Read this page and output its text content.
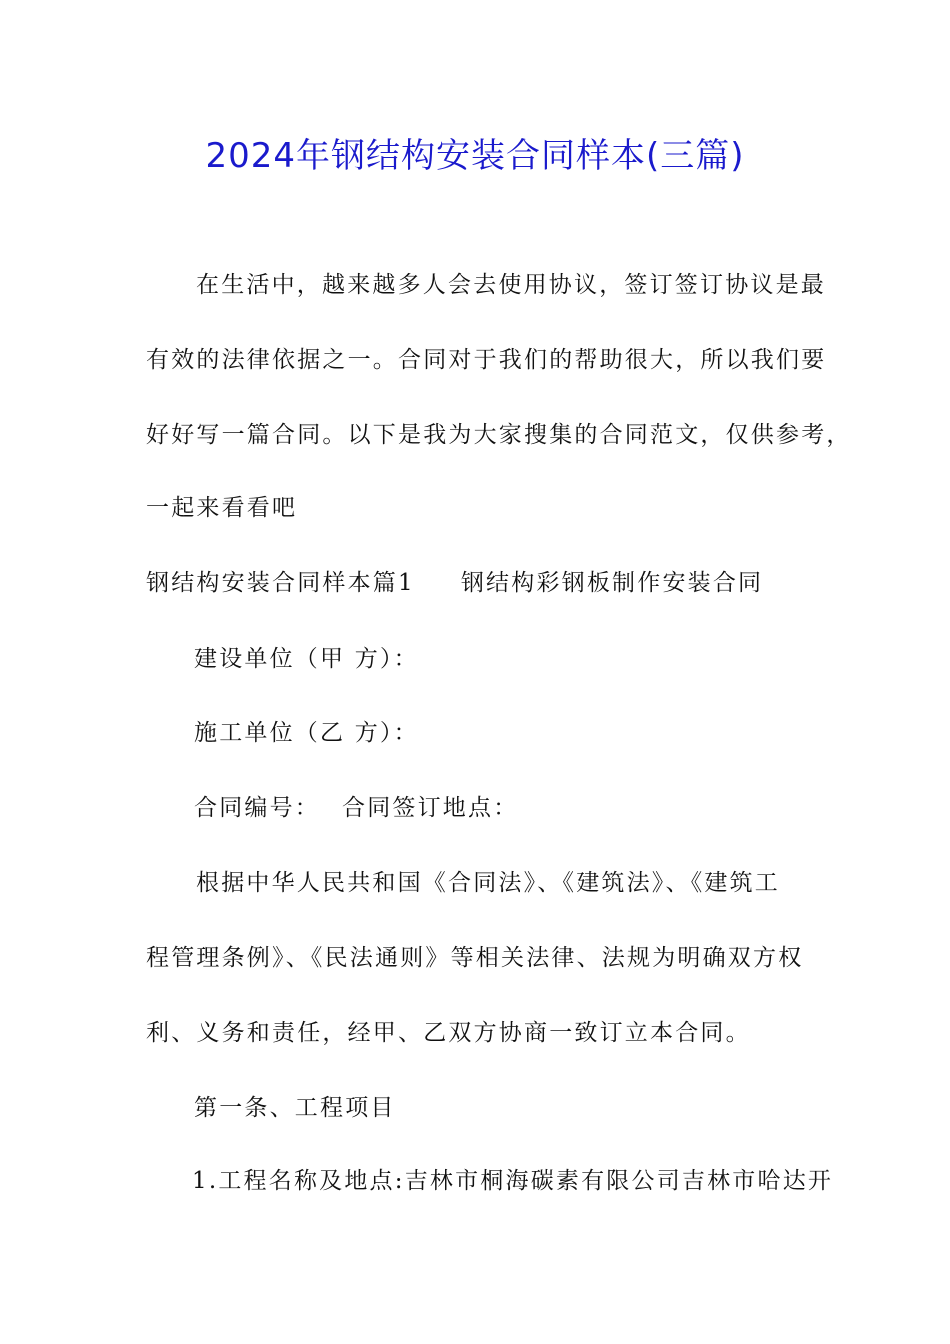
2024年钢结构安装合同样本(三篇)
在生活中，越来越多人会去使用协议，签订签订协议是最
有效的法律依据之一。合同对于我们的帮助很大，所以我们要
好好写一篇合同。以下是我为大家搜集的合同范文，仅供参考，
一起来看看吧
钢结构安装合同样本篇1 钢结构彩钢板制作安装合同
建设单位（甲 方）：
施工单位（乙 方）：
合同编号： 合同签订地点：
根据中华人民共和国《合同法》、《建筑法》、《建筑工
程管理条例》、《民法通则》等相关法律、法规为明确双方权
利、义务和责任，经甲、乙双方协商一致订立本合同。
第一条、工程项目
1.工程名称及地点:吉林市桐海碳素有限公司吉林市哈达开
